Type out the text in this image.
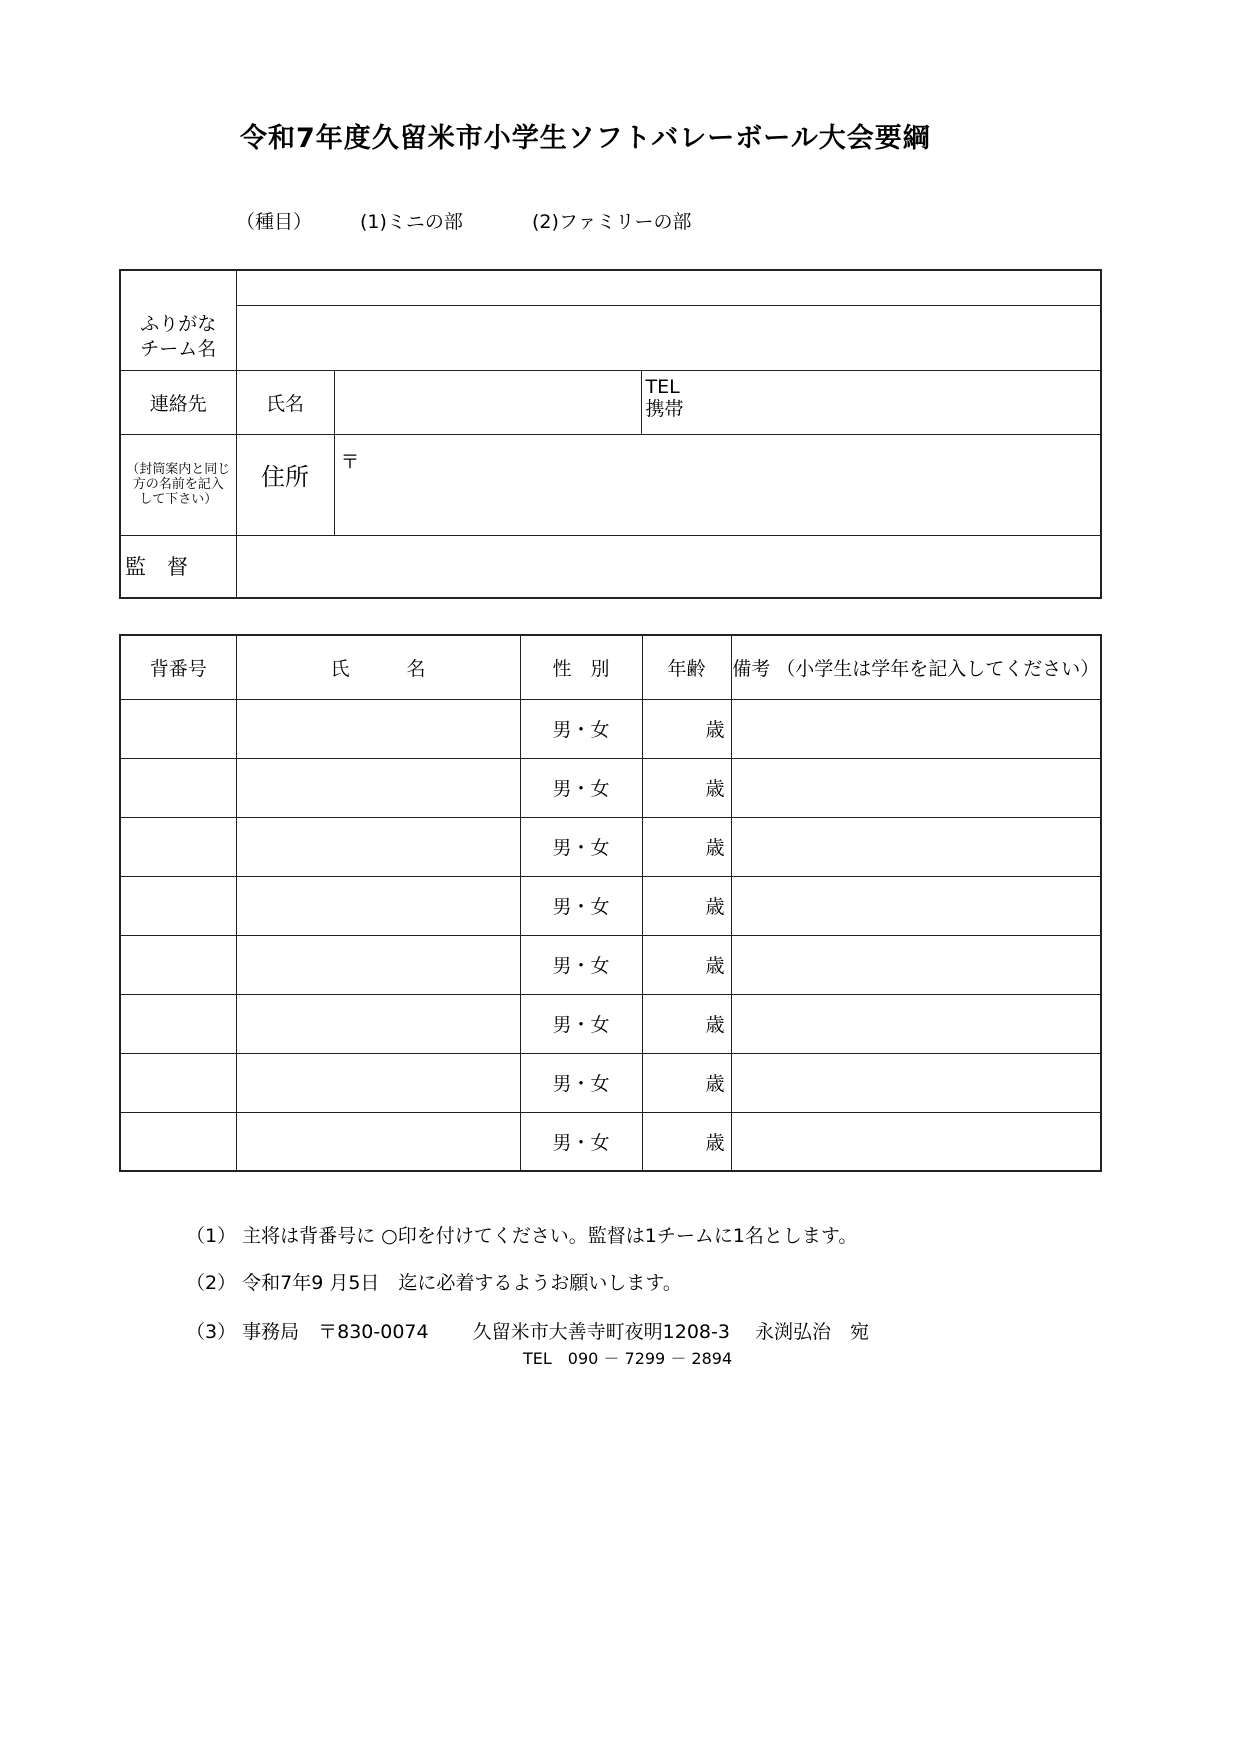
令和7年度久留米市小学生ソフトバレーボール大会要綱
（種目）	(1)ミニの部	(2)ファミリーの部
ふりがな
チーム名			

連絡先	氏名		TEL
携帯

（封筒案内と同じ
方の名前を記入
して下さい）	住所	〒	
監　督			
背番号	氏　　　名	性　別	年齢	備考 （小学生は学年を記入してください）
		男・女	歳	
		男・女	歳	
		男・女	歳	
		男・女	歳	
		男・女	歳	
		男・女	歳	
		男・女	歳	
		男・女	歳	
（1） 主将は背番号に ○印を付けてください。監督は1チームに1名とします。
（2） 令和7年9 月5日　迄に必着するようお願いします。
（3） 事務局　〒830-0074　　 久留米市大善寺町夜明1208-3　 永渕弘治　宛
TEL　090 － 7299 － 2894
